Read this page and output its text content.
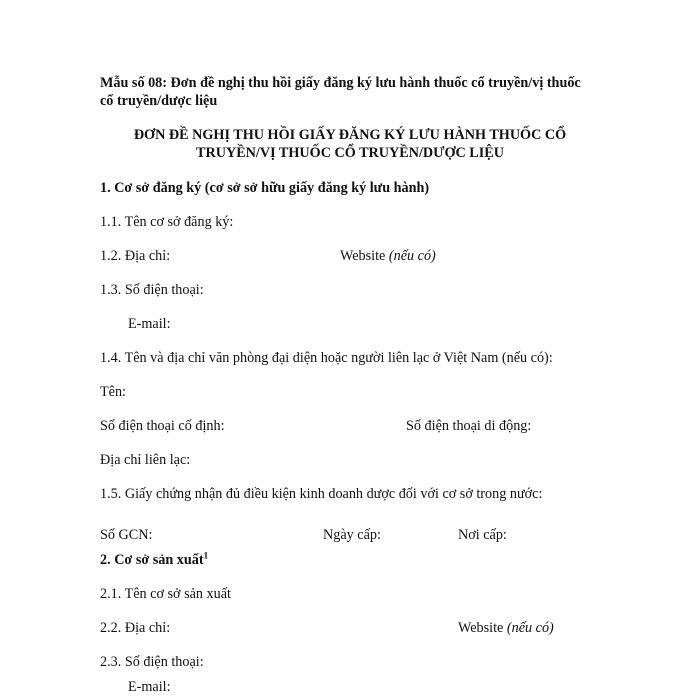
Mẫu số 08: Đơn đề nghị thu hồi giấy đăng ký lưu hành thuốc cổ truyền/vị thuốc
cổ truyền/dược liệu
ĐƠN ĐỀ NGHỊ THU HỒI GIẤY ĐĂNG KÝ LƯU HÀNH THUỐC CỔ
TRUYỀN/VỊ THUỐC CỔ TRUYỀN/DƯỢC LIỆU
1. Cơ sở đăng ký (cơ sở sở hữu giấy đăng ký lưu hành)
1.1. Tên cơ sở đăng ký:
1.2. Địa chỉ:	Website (nếu có)
1.3. Số điện thoại:
E-mail:
1.4. Tên và địa chỉ văn phòng đại diện hoặc người liên lạc ở Việt Nam (nếu có):
Tên:
Số điện thoại cố định:	Số điện thoại di động:
Địa chỉ liên lạc:
1.5. Giấy chứng nhận đủ điều kiện kinh doanh dược đối với cơ sở trong nước:
Số GCN:	Ngày cấp:	Nơi cấp:
2. Cơ sở sản xuất$^1$
2.1. Tên cơ sở sản xuất
2.2. Địa chỉ:	Website (nếu có)
2.3. Số điện thoại:
E-mail:
